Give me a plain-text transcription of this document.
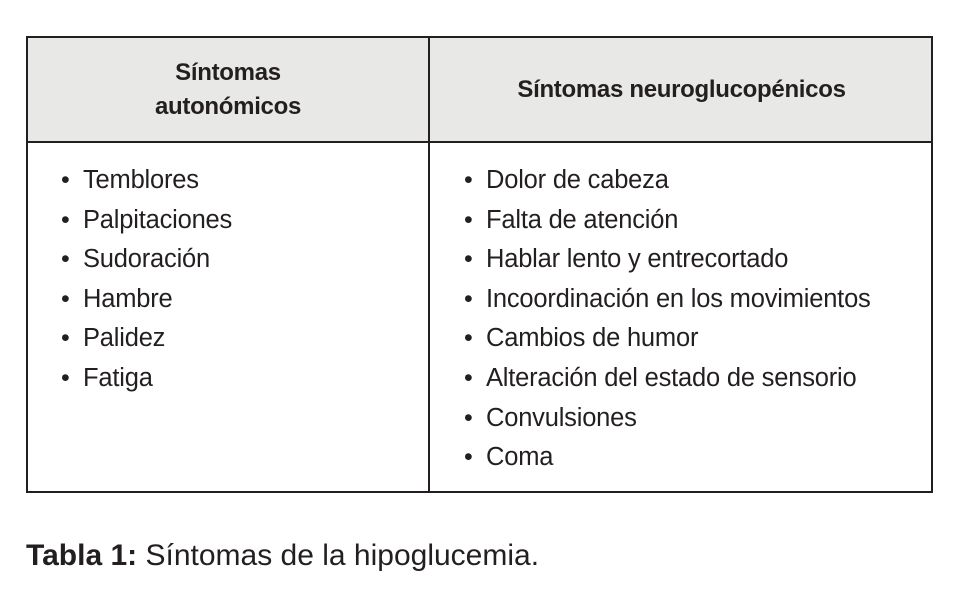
Síntomas
autonómicos
Síntomas neuroglucopénicos
• Temblores
• Palpitaciones
• Sudoración
• Hambre
• Palidez
• Fatiga
• Dolor de cabeza
• Falta de atención
• Hablar lento y entrecortado
• Incoordinación en los movimientos
• Cambios de humor
• Alteración del estado de sensorio
• Convulsiones
• Coma
Tabla 1: Síntomas de la hipoglucemia.
